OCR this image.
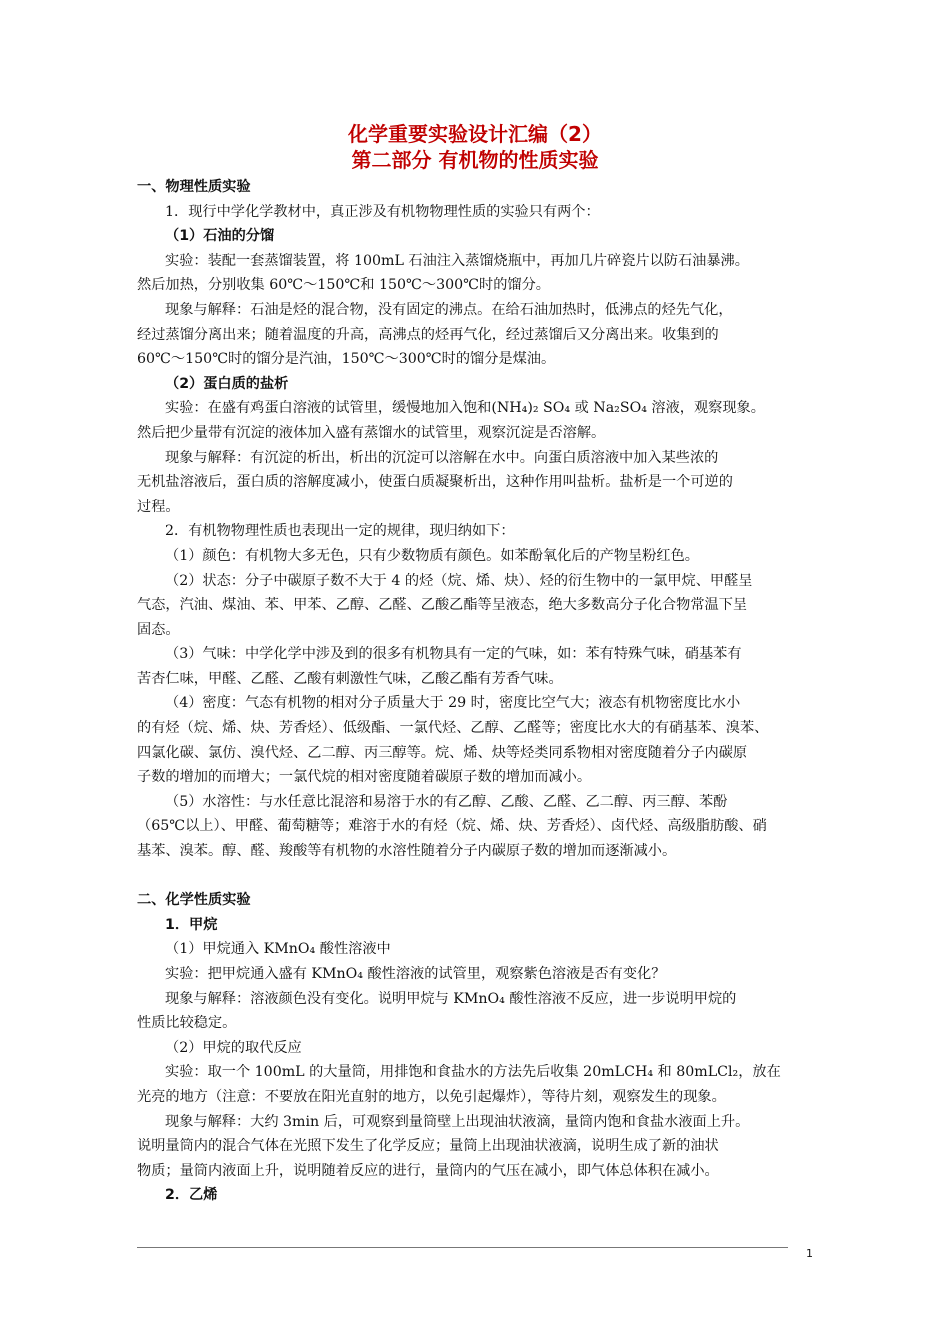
化学重要实验设计汇编（2）
第二部分 有机物的性质实验
一、物理性质实验
1．现行中学化学教材中，真正涉及有机物物理性质的实验只有两个：
（1）石油的分馏
实验：装配一套蒸馏装置，将 100mL 石油注入蒸馏烧瓶中，再加几片碎瓷片以防石油暴沸。
然后加热，分别收集 60℃～150℃和 150℃～300℃时的馏分。
现象与解释：石油是烃的混合物，没有固定的沸点。在给石油加热时，低沸点的烃先气化，
经过蒸馏分离出来；随着温度的升高，高沸点的烃再气化，经过蒸馏后又分离出来。收集到的
60℃～150℃时的馏分是汽油，150℃～300℃时的馏分是煤油。
（2）蛋白质的盐析
实验：在盛有鸡蛋白溶液的试管里，缓慢地加入饱和(NH₄)₂ SO₄ 或 Na₂SO₄ 溶液，观察现象。
然后把少量带有沉淀的液体加入盛有蒸馏水的试管里，观察沉淀是否溶解。
现象与解释：有沉淀的析出，析出的沉淀可以溶解在水中。向蛋白质溶液中加入某些浓的
无机盐溶液后，蛋白质的溶解度减小，使蛋白质凝聚析出，这种作用叫盐析。盐析是一个可逆的
过程。
2．有机物物理性质也表现出一定的规律，现归纳如下：
（1）颜色：有机物大多无色，只有少数物质有颜色。如苯酚氧化后的产物呈粉红色。
（2）状态：分子中碳原子数不大于 4 的烃（烷、烯、炔）、烃的衍生物中的一氯甲烷、甲醛呈
气态，汽油、煤油、苯、甲苯、乙醇、乙醛、乙酸乙酯等呈液态，绝大多数高分子化合物常温下呈
固态。
（3）气味：中学化学中涉及到的很多有机物具有一定的气味，如：苯有特殊气味，硝基苯有
苦杏仁味，甲醛、乙醛、乙酸有刺激性气味，乙酸乙酯有芳香气味。
（4）密度：气态有机物的相对分子质量大于 29 时，密度比空气大；液态有机物密度比水小
的有烃（烷、烯、炔、芳香烃）、低级酯、一氯代烃、乙醇、乙醛等；密度比水大的有硝基苯、溴苯、
四氯化碳、氯仿、溴代烃、乙二醇、丙三醇等。烷、烯、炔等烃类同系物相对密度随着分子内碳原
子数的增加的而增大；一氯代烷的相对密度随着碳原子数的增加而减小。
（5）水溶性：与水任意比混溶和易溶于水的有乙醇、乙酸、乙醛、乙二醇、丙三醇、苯酚
（65℃以上）、甲醛、葡萄糖等；难溶于水的有烃（烷、烯、炔、芳香烃）、卤代烃、高级脂肪酸、硝
基苯、溴苯。醇、醛、羧酸等有机物的水溶性随着分子内碳原子数的增加而逐渐减小。
二、化学性质实验
1．甲烷
（1）甲烷通入 KMnO₄ 酸性溶液中
实验：把甲烷通入盛有 KMnO₄ 酸性溶液的试管里，观察紫色溶液是否有变化？
现象与解释：溶液颜色没有变化。说明甲烷与 KMnO₄ 酸性溶液不反应，进一步说明甲烷的
性质比较稳定。
（2）甲烷的取代反应
实验：取一个 100mL 的大量筒，用排饱和食盐水的方法先后收集 20mLCH₄ 和 80mLCl₂，放在
光亮的地方（注意：不要放在阳光直射的地方，以免引起爆炸），等待片刻，观察发生的现象。
现象与解释：大约 3min 后，可观察到量筒壁上出现油状液滴，量筒内饱和食盐水液面上升。
说明量筒内的混合气体在光照下发生了化学反应；量筒上出现油状液滴，说明生成了新的油状
物质；量筒内液面上升，说明随着反应的进行，量筒内的气压在减小，即气体总体积在减小。
2．乙烯
1
